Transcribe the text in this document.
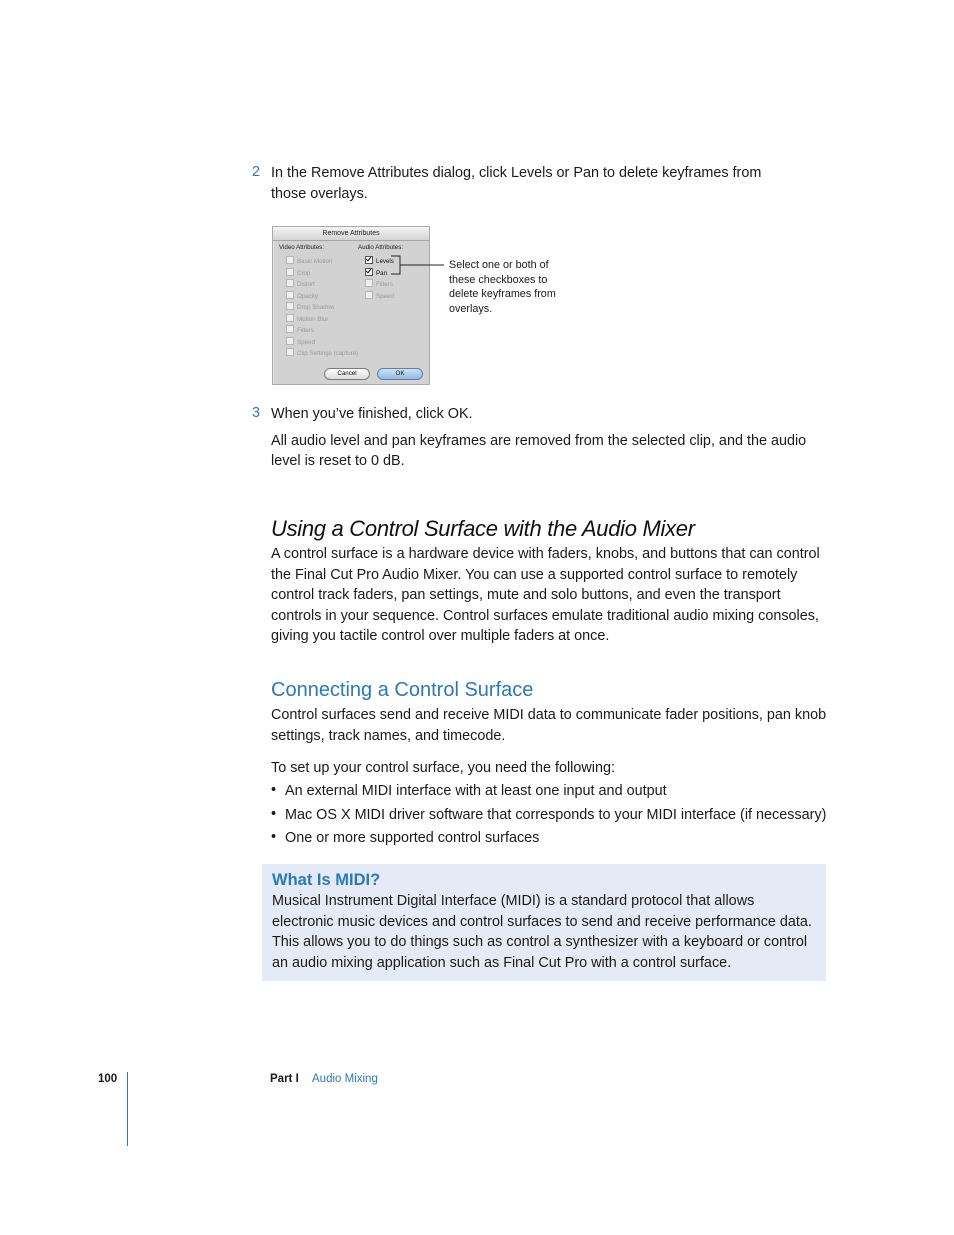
2 In the Remove Attributes dialog, click Levels or Pan to delete keyframes from
those overlays.
Remove Attributes
Video Attributes:	Audio Attributes:
Basic Motion
Crop
Distort
Opacity
Drop Shadow
Motion Blur
Filters
Speed
Clip Settings (capture)
Levels
Pan
Filters
Speed
Cancel	OK
Select one or both of
these checkboxes to
delete keyframes from
overlays.
3 When you’ve finished, click OK.
All audio level and pan keyframes are removed from the selected clip, and the audio
level is reset to 0 dB.
Using a Control Surface with the Audio Mixer
A control surface is a hardware device with faders, knobs, and buttons that can control
the Final Cut Pro Audio Mixer. You can use a supported control surface to remotely
control track faders, pan settings, mute and solo buttons, and even the transport
controls in your sequence. Control surfaces emulate traditional audio mixing consoles,
giving you tactile control over multiple faders at once.
Connecting a Control Surface
Control surfaces send and receive MIDI data to communicate fader positions, pan knob
settings, track names, and timecode.
To set up your control surface, you need the following:
• An external MIDI interface with at least one input and output
• Mac OS X MIDI driver software that corresponds to your MIDI interface (if necessary)
• One or more supported control surfaces
What Is MIDI?
Musical Instrument Digital Interface (MIDI) is a standard protocol that allows
electronic music devices and control surfaces to send and receive performance data.
This allows you to do things such as control a synthesizer with a keyboard or control
an audio mixing application such as Final Cut Pro with a control surface.
100	Part I Audio Mixing
